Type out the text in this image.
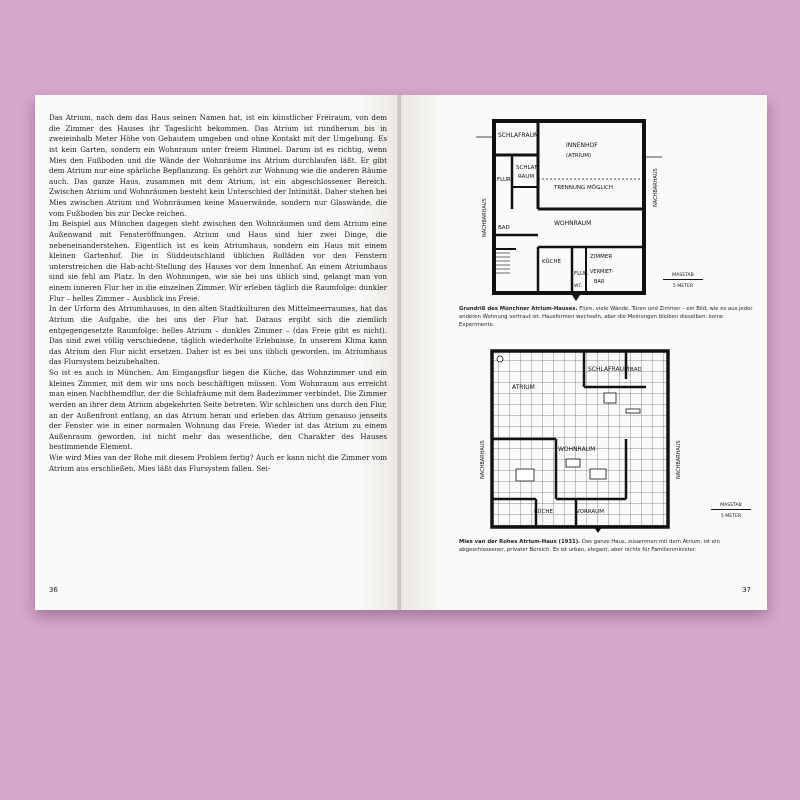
Das Atrium, nach dem das Haus seinen Namen hat, ist ein künstlicher Freiraum, von dem die Zimmer des Hauses ihr Tageslicht bekommen. Das Atrium ist rundherum bis in zweieinhalb Meter Höhe von Gebautem umgeben und ohne Kontakt mit der Umgebung. Es ist kein Garten, sondern ein Wohnraum unter freiem Himmel. Darum ist es richtig, wenn Mies den Fußboden und die Wände der Wohnräume ins Atrium durchlaufen läßt. Er gibt dem Atrium nur eine spärliche Bepflanzung. Es gehört zur Wohnung wie die anderen Räume auch. Das ganze Haus, zusammen mit dem Atrium, ist ein abgeschlossener Bereich. Zwischen Atrium und Wohnräumen besteht kein Unterschied der Intimität. Daher stehen bei Mies zwischen Atrium und Wohnräumen keine Mauerwände, sondern nur Glaswände, die vom Fußboden bis zur Decke reichen.

Im Beispiel aus München dagegen steht zwischen den Wohnräumen und dem Atrium eine Außenwand mit Fensteröffnungen. Atrium und Haus sind hier zwei Dinge, die nebeneinanderstehen. Eigentlich ist es kein Atriumhaus, sondern ein Haus mit einem kleinen Gartenhof. Die in Süddeutschland üblichen Rolläden vor den Fenstern unterstreichen die Hab-acht-Stellung des Hauses vor dem Innenhof. An einem Atriumhaus sind sie fehl am Platz. In den Wohnungen, wie sie bei uns üblich sind, gelangt man von einem inneren Flur her in die einzelnen Zimmer. Wir erleben täglich die Raumfolge: dunkler Flur – helles Zimmer – Ausblick ins Freie.

In der Urform des Atriumhauses, in den alten Stadtkulturen des Mittelmeerraumes, hat das Atrium die Aufgabe, die bei uns der Flur hat. Daraus ergibt sich die ziemlich entgegengesetzte Raumfolge: helles Atrium – dunkles Zimmer – (das Freie gibt es nicht). Das sind zwei völlig verschiedene, täglich wiederholte Erlebnisse. In unserem Klima kann das Atrium den Flur nicht ersetzen. Daher ist es bei uns üblich geworden, im Atriumhaus das Flursystem beizubehalten.

So ist es auch in München. Am Eingangsflur liegen die Küche, das Wohnzimmer und ein kleines Zimmer, mit dem wir uns noch beschäftigen müssen. Vom Wohnraum aus erreicht man einen Nachthemdflur, der die Schlafräume mit dem Badezimmer verbindet. Die Zimmer werden an ihrer dem Atrium abgekehrten Seite betreten. Wir schleichen uns durch den Flur, an der Außenfront entlang, an das Atrium heran und erleben das Atrium genauso jenseits der Fenster wie in einer normalen Wohnung das Freie. Wieder ist das Atrium zu einem Außenraum geworden, ist nicht mehr das wesentliche, den Charakter des Hauses bestimmende Element.

Wie wird Mies van der Rohe mit diesem Problem fertig? Auch er kann nicht die Zimmer vom Atrium aus erschließen. Mies läßt das Flursystem fallen. Sei-

36
SCHLAFRAUM
INNENHOF
(ATRIUM)
SCHLAF-
RAUM
FLUR
TRENNUNG MÖGLICH
WOHNRAUM
BAD
KÜCHE
FLUR
WC
ZIMMER
VERMIET-
BAR
NACHBARHAUS
NACHBARHAUS
MASSTAB
5 METER
Grundriß des Münchner Atrium-Hauses. Flure, viele Wände, Türen und Zimmer – ein Bild, wie es aus jeder anderen Wohnung vertraut ist. Hausformen wechseln, aber die Meinungen bleiben dieselben: keine Experimente.
SCHLAFRAUM BAD
ATRIUM
WOHNRAUM
KÜCHE	VORRAUM
NACHBARHAUS	NACHBARHAUS
MASSTAB
5 METER
Mies van der Rohes Atrium-Haus (1931). Das ganze Haus, zusammen mit dem Atrium, ist ein abgeschlossener, privater Bereich. Es ist urban, elegant, aber nichts für Familienminister.
37
